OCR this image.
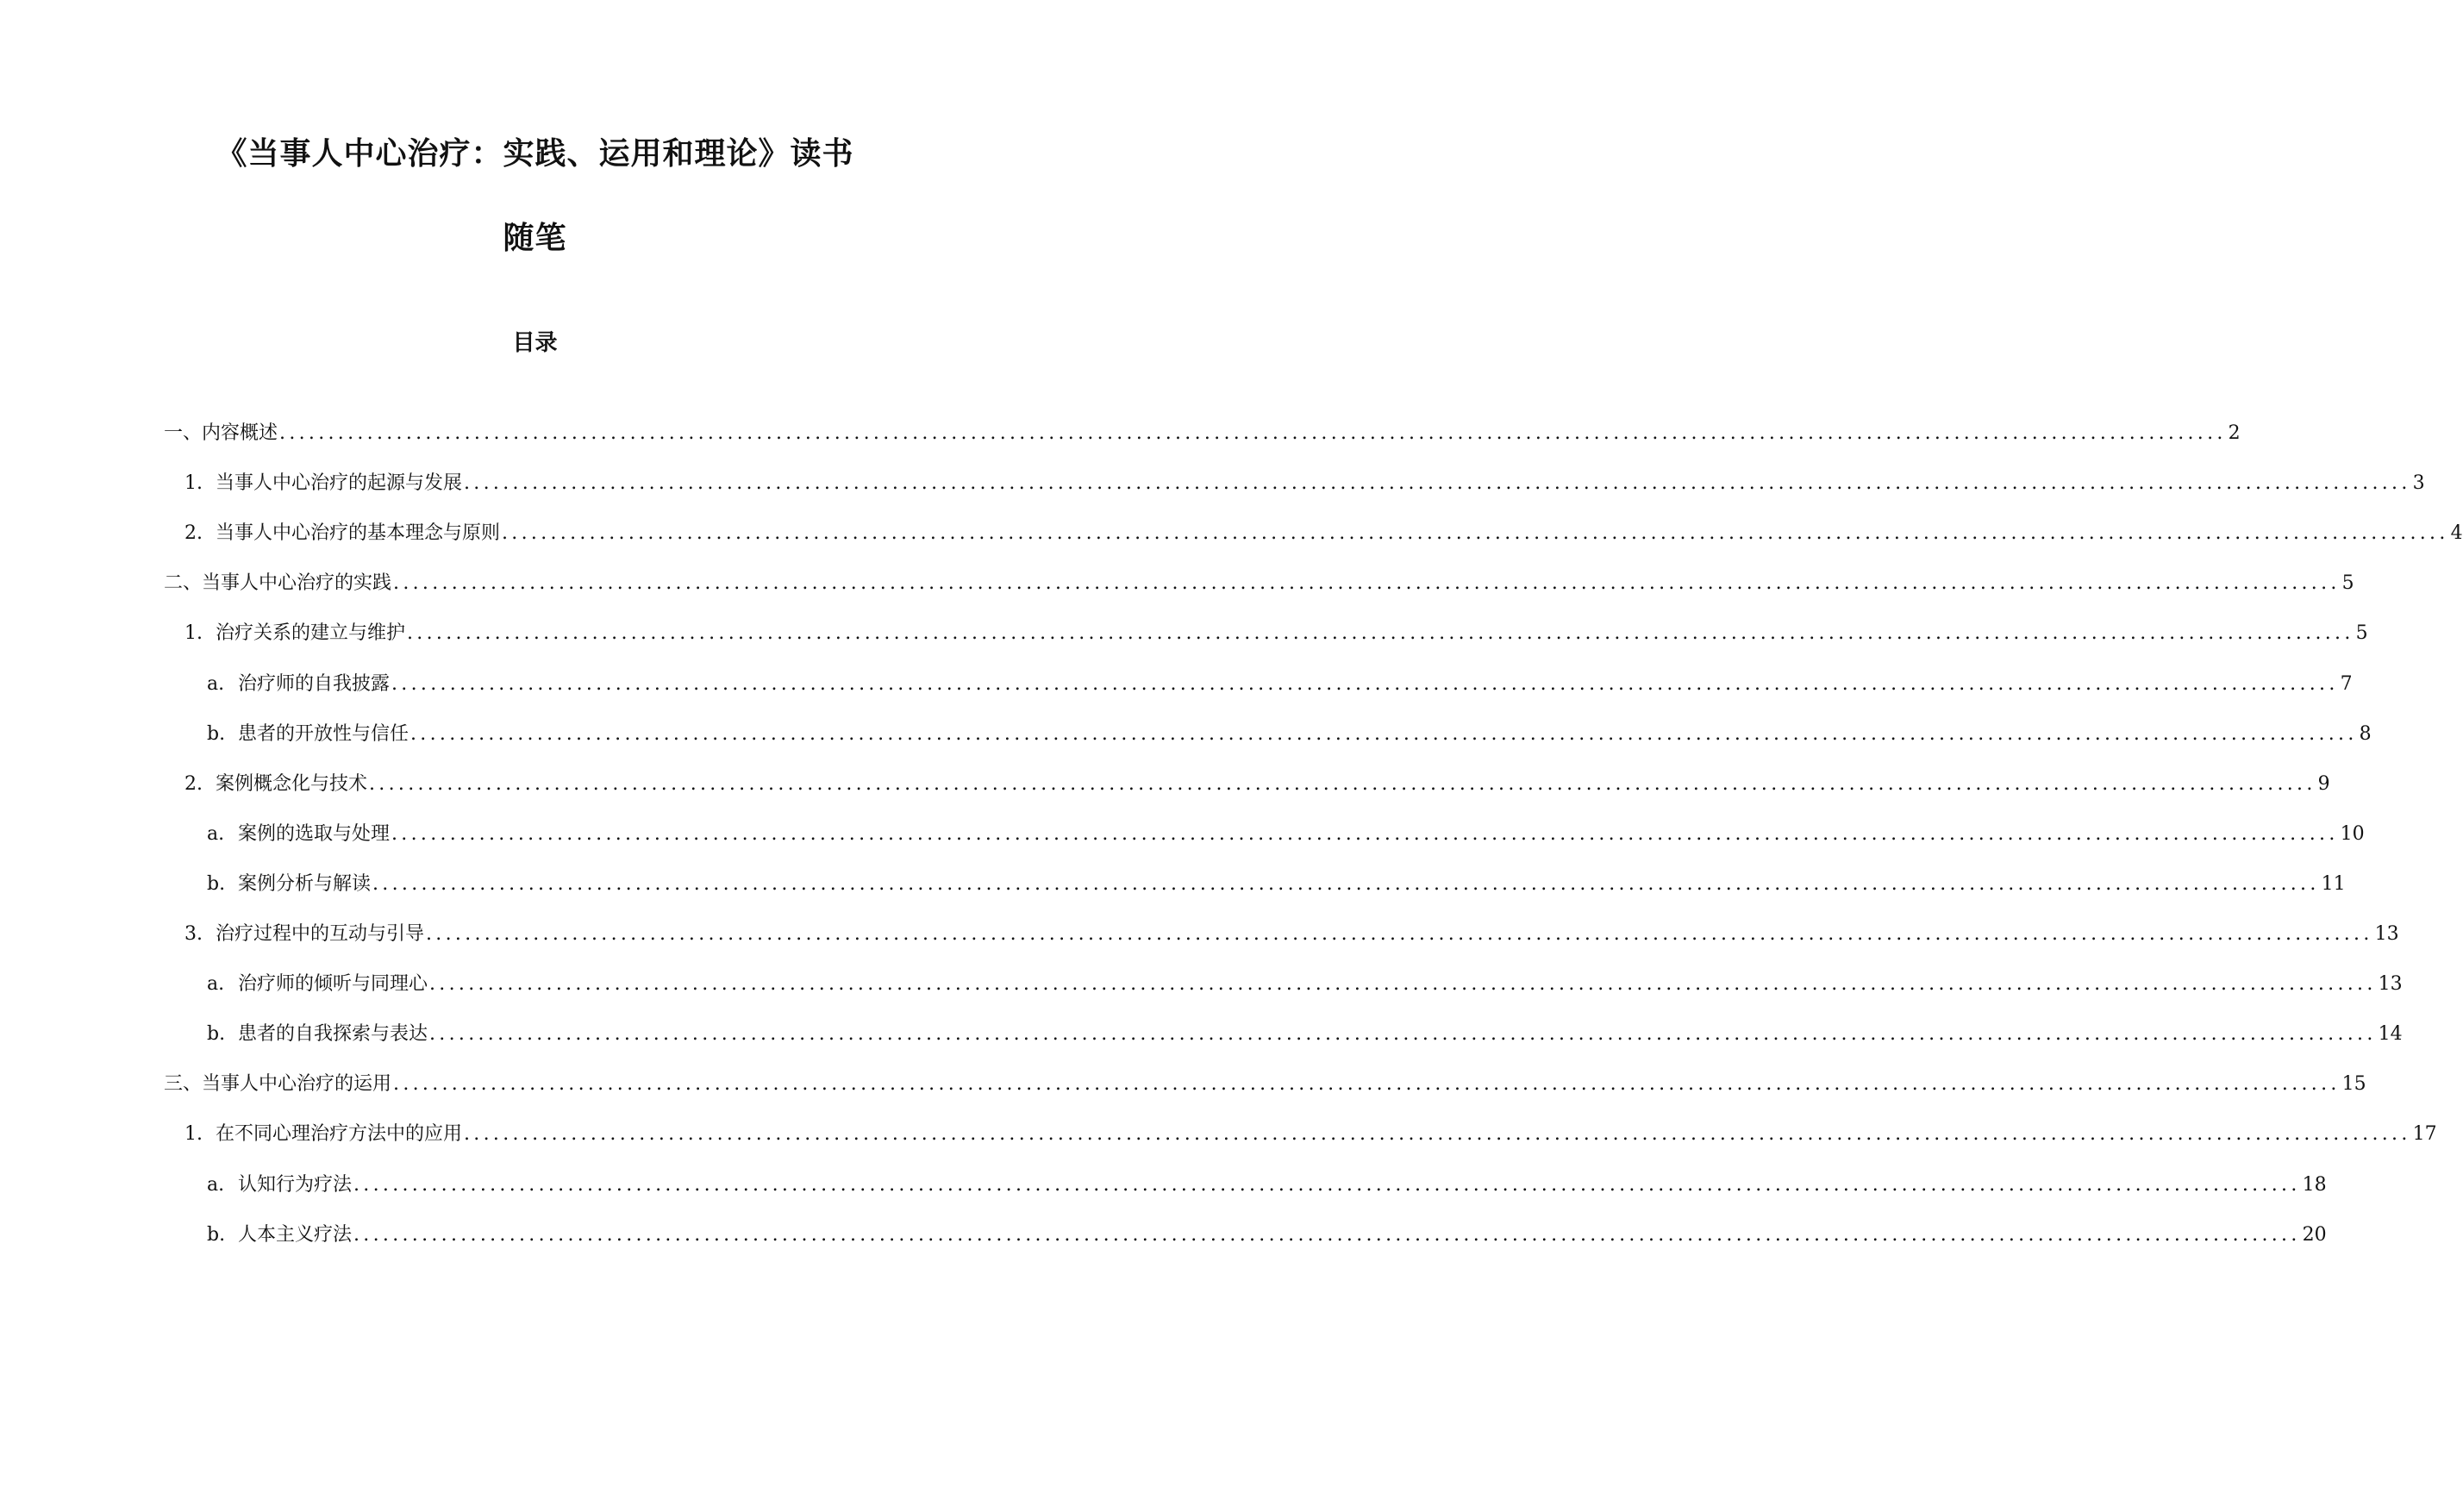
《当事人中心治疗：实践、运用和理论》读书
随笔
目录
一、 内容概述 ........................................................................................................................................................................................................ 2
1. 当事人中心治疗的起源与发展 ........................................................................................................................................................................................................ 3
2. 当事人中心治疗的基本理念与原则 ........................................................................................................................................................................................................ 4
二、 当事人中心治疗的实践 ........................................................................................................................................................................................................ 5
1. 治疗关系的建立与维护 ........................................................................................................................................................................................................ 5
a. 治疗师的自我披露 ........................................................................................................................................................................................................ 7
b. 患者的开放性与信任 ........................................................................................................................................................................................................ 8
2. 案例概念化与技术 ........................................................................................................................................................................................................ 9
a. 案例的选取与处理 ........................................................................................................................................................................................................ 10
b. 案例分析与解读 ........................................................................................................................................................................................................ 11
3. 治疗过程中的互动与引导 ........................................................................................................................................................................................................ 13
a. 治疗师的倾听与同理心 ........................................................................................................................................................................................................ 13
b. 患者的自我探索与表达 ........................................................................................................................................................................................................ 14
三、 当事人中心治疗的运用 ........................................................................................................................................................................................................ 15
1. 在不同心理治疗方法中的应用 ........................................................................................................................................................................................................ 17
a. 认知行为疗法 ........................................................................................................................................................................................................ 18
b. 人本主义疗法 ........................................................................................................................................................................................................ 20
